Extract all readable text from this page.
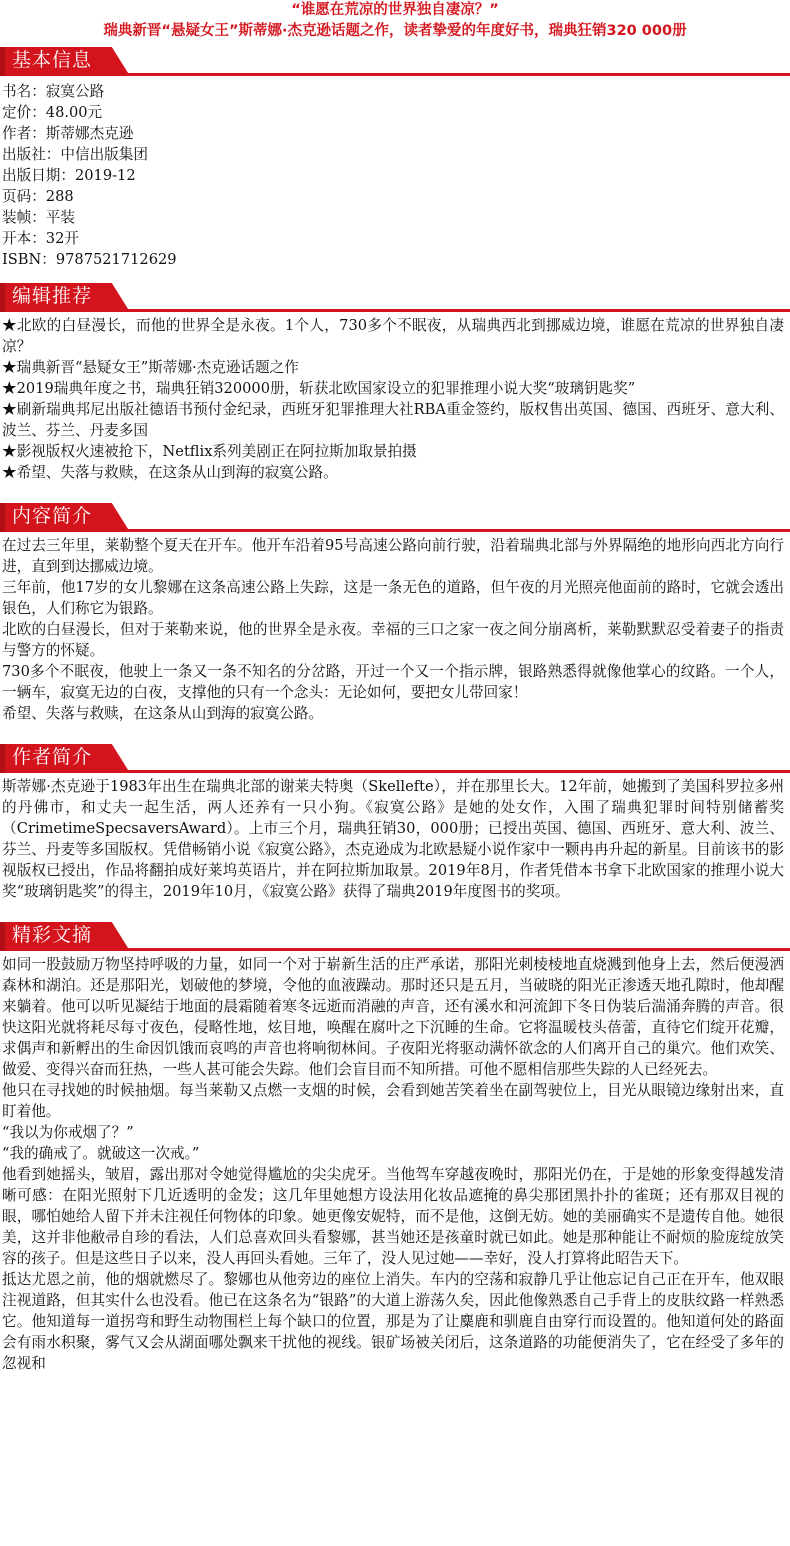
“谁愿在荒凉的世界独自凄凉？”
瑞典新晋“悬疑女王”斯蒂娜·杰克逊话题之作，读者挚爱的年度好书，瑞典狂销320 000册
基本信息
书名：寂寞公路
定价：48.00元
作者：斯蒂娜杰克逊
出版社：中信出版集团
出版日期：2019-12
页码：288
装帧：平装
开本：32开
ISBN：9787521712629
编辑推荐
★北欧的白昼漫长，而他的世界全是永夜。1个人，730多个不眠夜，从瑞典西北到挪威边境，谁愿在荒凉的世界独自凄凉？
★瑞典新晋“悬疑女王”斯蒂娜·杰克逊话题之作
★2019瑞典年度之书，瑞典狂销320000册，斩获北欧国家设立的犯罪推理小说大奖“玻璃钥匙奖”
★刷新瑞典邦尼出版社德语书预付金纪录，西班牙犯罪推理大社RBA重金签约，版权售出英国、德国、西班牙、意大利、波兰、芬兰、丹麦多国
★影视版权火速被抢下，Netflix系列美剧正在阿拉斯加取景拍摄
★希望、失落与救赎，在这条从山到海的寂寞公路。
内容简介
在过去三年里，莱勒整个夏天在开车。他开车沿着95号高速公路向前行驶，沿着瑞典北部与外界隔绝的地形向西北方向行进，直到到达挪威边境。
三年前，他17岁的女儿黎娜在这条高速公路上失踪，这是一条无色的道路，但午夜的月光照亮他面前的路时，它就会透出银色，人们称它为银路。
北欧的白昼漫长，但对于莱勒来说，他的世界全是永夜。幸福的三口之家一夜之间分崩离析，莱勒默默忍受着妻子的指责与警方的怀疑。
730多个不眠夜，他驶上一条又一条不知名的分岔路，开过一个又一个指示牌，银路熟悉得就像他掌心的纹路。一个人，一辆车，寂寞无边的白夜，支撑他的只有一个念头：无论如何，要把女儿带回家！
希望、失落与救赎，在这条从山到海的寂寞公路。
作者简介
斯蒂娜·杰克逊于1983年出生在瑞典北部的谢莱夫特奥（Skellefte），并在那里长大。12年前，她搬到了美国科罗拉多州的丹佛市，和丈夫一起生活，两人还养有一只小狗。《寂寞公路》是她的处女作，入围了瑞典犯罪时间特别储蓄奖（CrimetimeSpecsaversAward）。上市三个月，瑞典狂销30，000册；已授出英国、德国、西班牙、意大利、波兰、芬兰、丹麦等多国版权。凭借畅销小说《寂寞公路》，杰克逊成为北欧悬疑小说作家中一颗冉冉升起的新星。目前该书的影视版权已授出，作品将翻拍成好莱坞英语片，并在阿拉斯加取景。2019年8月，作者凭借本书拿下北欧国家的推理小说大奖“玻璃钥匙奖”的得主，2019年10月，《寂寞公路》获得了瑞典2019年度图书的奖项。
精彩文摘
如同一股鼓励万物坚持呼吸的力量，如同一个对于崭新生活的庄严承诺，那阳光刺棱棱地直烧溅到他身上去，然后便漫洒森林和湖泊。还是那阳光，划破他的梦境，令他的血液躁动。那时还只是五月，当破晓的阳光正渗透天地孔隙时，他却醒来躺着。他可以听见凝结于地面的晨霜随着寒冬远逝而消融的声音，还有溪水和河流卸下冬日伪装后湍涌奔腾的声音。很快这阳光就将耗尽每寸夜色，侵略性地，炫目地，唤醒在腐叶之下沉睡的生命。它将温暖枝头蓓蕾，直待它们绽开花瓣，求偶声和新孵出的生命因饥饿而哀鸣的声音也将响彻林间。子夜阳光将驱动满怀欲念的人们离开自己的巢穴。他们欢笑、做爱、变得兴奋而狂热，一些人甚可能会失踪。他们会盲目而不知所措。可他不愿相信那些失踪的人已经死去。
他只在寻找她的时候抽烟。每当莱勒又点燃一支烟的时候，会看到她苦笑着坐在副驾驶位上，目光从眼镜边缘射出来，直盯着他。
“我以为你戒烟了？”
“我的确戒了。就破这一次戒。”
他看到她摇头，皱眉，露出那对令她觉得尴尬的尖尖虎牙。当他驾车穿越夜晚时，那阳光仍在，于是她的形象变得越发清晰可感：在阳光照射下几近透明的金发；这几年里她想方设法用化妆品遮掩的鼻尖那团黑扑扑的雀斑；还有那双目视的眼，哪怕她给人留下并未注视任何物体的印象。她更像安妮特，而不是他，这倒无妨。她的美丽确实不是遗传自他。她很美，这并非他敝帚自珍的看法，人们总喜欢回头看黎娜，甚当她还是孩童时就已如此。她是那种能让不耐烦的脸庞绽放笑容的孩子。但是这些日子以来，没人再回头看她。三年了，没人见过她——幸好，没人打算将此昭告天下。
抵达尤恩之前，他的烟就燃尽了。黎娜也从他旁边的座位上消失。车内的空荡和寂静几乎让他忘记自己正在开车，他双眼注视道路，但其实什么也没看。他已在这条名为“银路”的大道上游荡久矣，因此他像熟悉自己手背上的皮肤纹路一样熟悉它。他知道每一道拐弯和野生动物围栏上每个缺口的位置，那是为了让麋鹿和驯鹿自由穿行而设置的。他知道何处的路面会有雨水积聚，雾气又会从湖面哪处飘来干扰他的视线。银矿场被关闭后，这条道路的功能便消失了，它在经受了多年的忽视和
